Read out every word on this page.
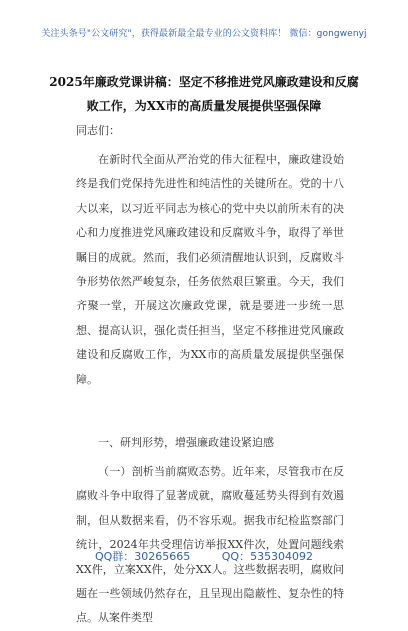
关注头条号"公文研究"，获得最新最全最专业的公文资料库！ 微信：gongwenyj
2025年廉政党课讲稿：坚定不移推进党风廉政建设和反腐败工作，为XX市的高质量发展提供坚强保障
同志们：
在新时代全面从严治党的伟大征程中，廉政建设始终是我们党保持先进性和纯洁性的关键所在。党的十八大以来，以习近平同志为核心的党中央以前所未有的决心和力度推进党风廉政建设和反腐败斗争，取得了举世瞩目的成就。然而，我们必须清醒地认识到，反腐败斗争形势依然严峻复杂，任务依然艰巨繁重。今天，我们齐聚一堂，开展这次廉政党课，就是要进一步统一思想、提高认识，强化责任担当，坚定不移推进党风廉政建设和反腐败工作，为XX市的高质量发展提供坚强保障。
一、研判形势，增强廉政建设紧迫感
（一）剖析当前腐败态势。近年来，尽管我市在反腐败斗争中取得了显著成就，腐败蔓延势头得到有效遏制，但从数据来看，仍不容乐观。据我市纪检监察部门统计，2024年共受理信访举报XX件次，处置问题线索XX件，立案XX件，处分XX人。这些数据表明，腐败问题在一些领域仍然存在，且呈现出隐蔽性、复杂性的特点。从案件类型
QQ群：30265665	QQ：535304092
